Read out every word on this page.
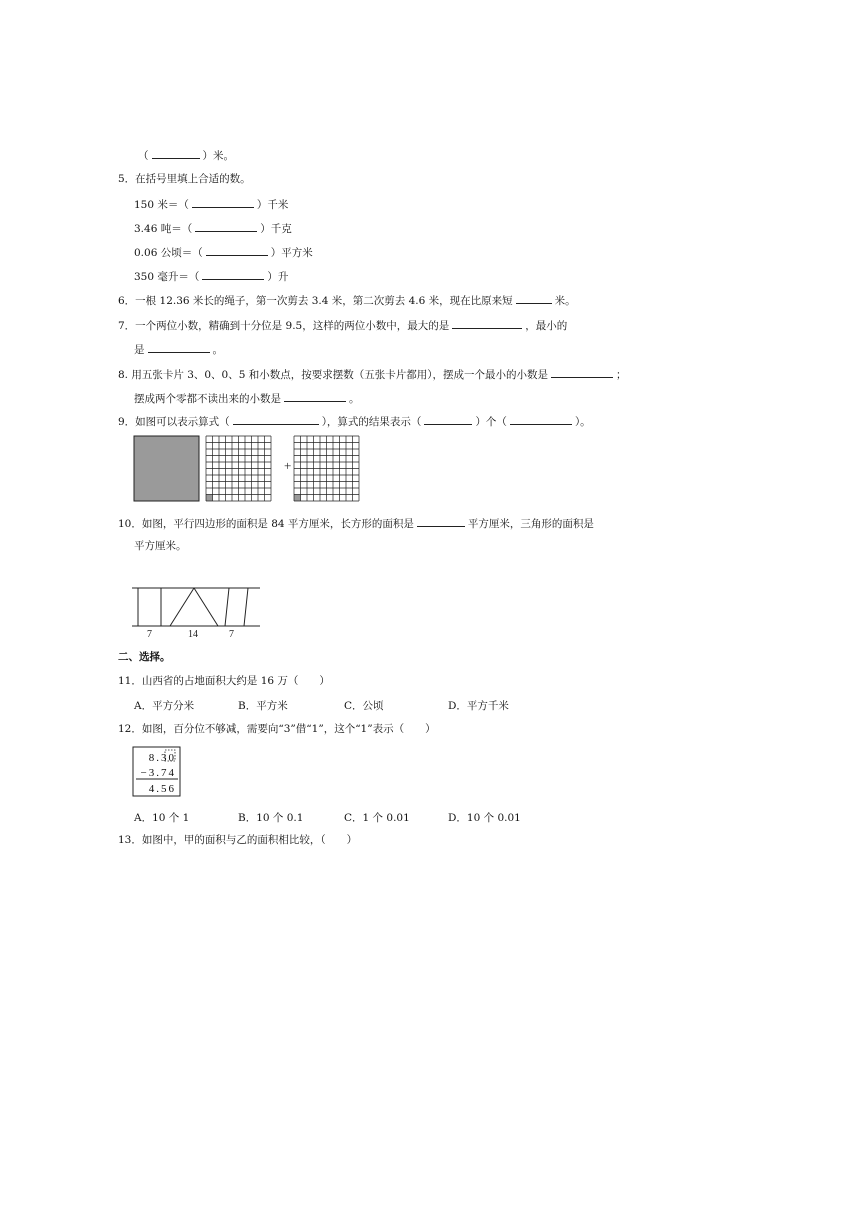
（	）米。
5．在括号里填上合适的数。
150 米＝（	）千米
3.46 吨＝（	）千克
0.06 公顷＝（	）平方米
350 毫升＝（	）升
6．一根 12.36 米长的绳子，第一次剪去 3.4 米，第二次剪去 4.6 米，现在比原来短	米。
7．一个两位小数，精确到十分位是 9.5，这样的两位小数中，最大的是	，最小的
是	。
8. 用五张卡片 3、0、0、5 和小数点，按要求摆数（五张卡片都用），摆成一个最小的小数是	；
摆成两个零都不读出来的小数是	。
9．如图可以表示算式（	），算式的结果表示（	）个（	）。
+
10．如图，平行四边形的面积是 84 平方厘米，长方形的面积是	平方厘米，三角形的面积是
平方厘米。
7	14	7
二、选择。
11．山西省的占地面积大约是 16 万（　　）
A．平方分米	B．平方米	C．公顷	D．平方千米
12．如图，百分位不够减，需要向“3”借“1”，这个“1”表示（　　）
8.30
−3.74
4.56
A．10 个 1	B．10 个 0.1	C．1 个 0.01	D．10 个 0.01
13．如图中，甲的面积与乙的面积相比较，（　　）
